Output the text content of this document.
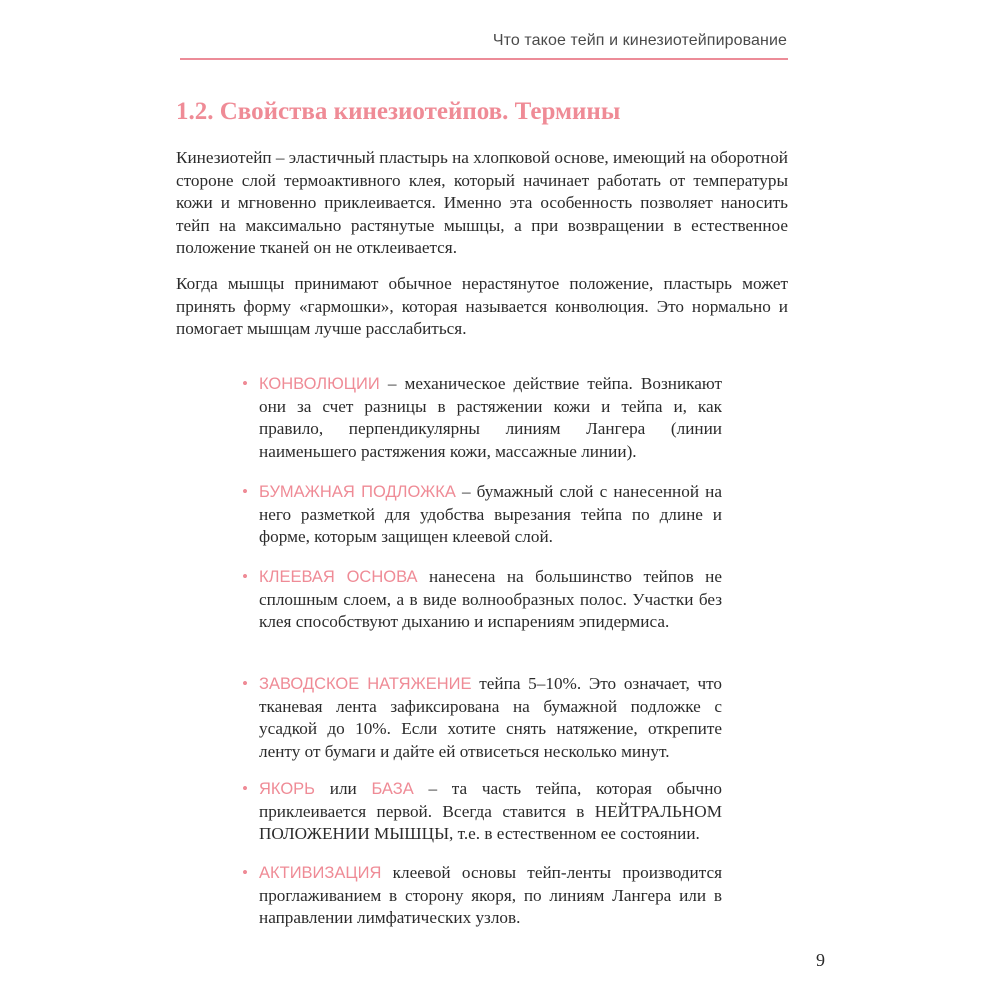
Что такое тейп и кинезиотейпирование
1.2. Свойства кинезиотейпов. Термины

Кинезиотейп – эластичный пластырь на хлопковой основе, имеющий на оборотной стороне слой термоактивного клея, который начинает работать от температуры кожи и мгновенно приклеивается. Именно эта особенность позволяет наносить тейп на максимально растянутые мышцы, а при возвращении в естественное положение тканей он не отклеивается.

Когда мышцы принимают обычное нерастянутое положение, пластырь может принять форму «гармошки», которая называется конволюция. Это нормально и помогает мышцам лучше расслабиться.

• КОНВОЛЮЦИИ – механическое действие тейпа. Возникают они за счет разницы в растяжении кожи и тейпа и, как правило, перпендикулярны линиям Лангера (линии наименьшего растяжения кожи, массажные линии).
• БУМАЖНАЯ ПОДЛОЖКА – бумажный слой с нанесенной на него разметкой для удобства вырезания тейпа по длине и форме, которым защищен клеевой слой.
• КЛЕЕВАЯ ОСНОВА нанесена на большинство тейпов не сплошным слоем, а в виде волнообразных полос. Участки без клея способствуют дыханию и испарениям эпидермиса.
• ЗАВОДСКОЕ НАТЯЖЕНИЕ тейпа 5–10%. Это означает, что тканевая лента зафиксирована на бумажной подложке с усадкой до 10%. Если хотите снять натяжение, открепите ленту от бумаги и дайте ей отвисеться несколько минут.
• ЯКОРЬ или БАЗА – та часть тейпа, которая обычно приклеивается первой. Всегда ставится в НЕЙТРАЛЬНОМ ПОЛОЖЕНИИ МЫШЦЫ, т.е. в естественном ее состоянии.
• АКТИВИЗАЦИЯ клеевой основы тейп-ленты производится проглаживанием в сторону якоря, по линиям Лангера или в направлении лимфатических узлов.
9
